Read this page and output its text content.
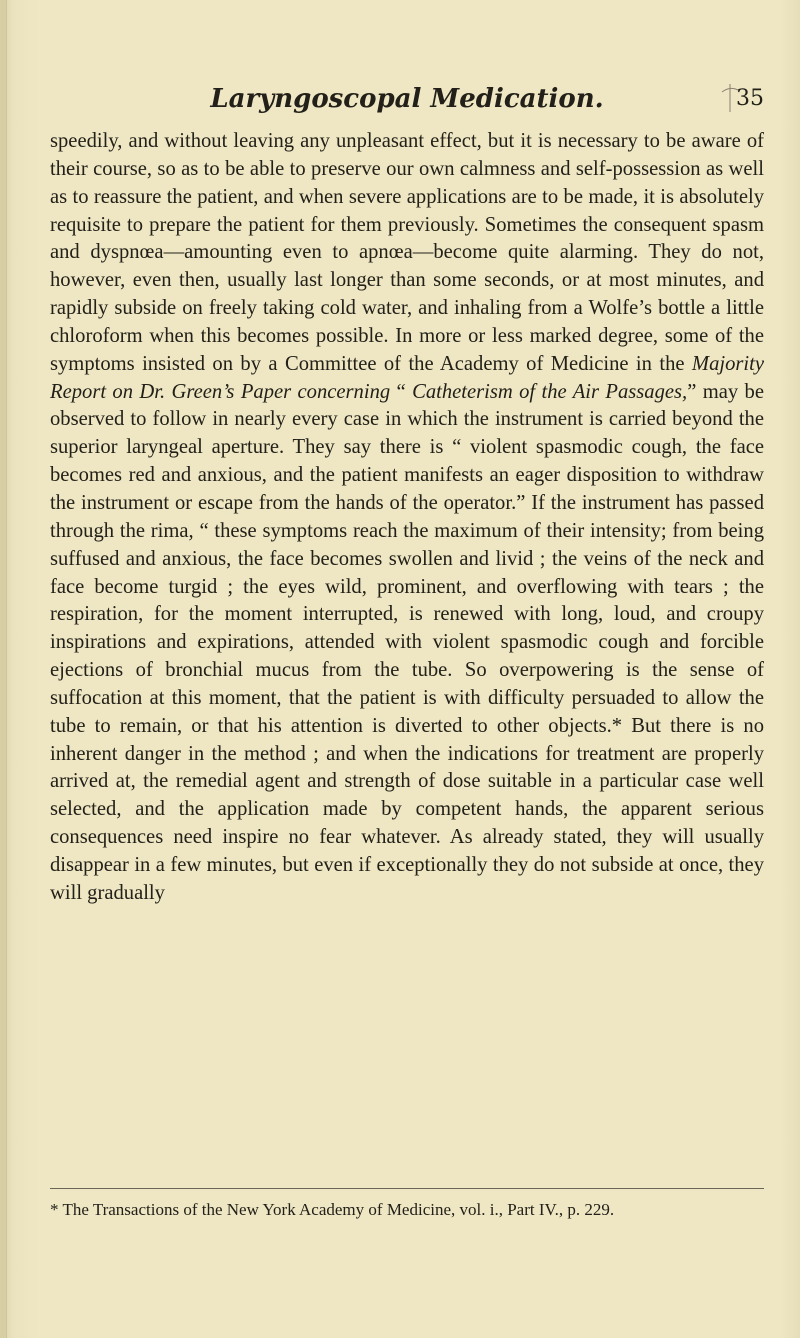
Laryngoscopal Medication.	35

speedily, and without leaving any unpleasant effect, but it is necessary to be aware of their course, so as to be able to preserve our own calmness and self-possession as well as to reassure the patient, and when severe applications are to be made, it is absolutely requisite to prepare the patient for them previously. Sometimes the consequent spasm and dyspnœa—amounting even to apnœa—become quite alarming. They do not, however, even then, usually last longer than some seconds, or at most minutes, and rapidly subside on freely taking cold water, and inhaling from a Wolfe’s bottle a little chloroform when this becomes possible. In more or less marked degree, some of the symptoms insisted on by a Committee of the Academy of Medicine in the Majority Report on Dr. Green’s Paper concerning “ Catheterism of the Air Passages,” may be observed to follow in nearly every case in which the instrument is carried beyond the superior laryngeal aperture. They say there is “ violent spasmodic cough, the face becomes red and anxious, and the patient manifests an eager disposition to withdraw the instrument or escape from the hands of the operator.” If the instrument has passed through the rima, “ these symptoms reach the maximum of their intensity; from being suffused and anxious, the face becomes swollen and livid ; the veins of the neck and face become turgid ; the eyes wild, prominent, and overflowing with tears ; the respiration, for the moment interrupted, is renewed with long, loud, and croupy inspirations and expirations, attended with violent spasmodic cough and forcible ejections of bronchial mucus from the tube. So overpowering is the sense of suffocation at this moment, that the patient is with difficulty persuaded to allow the tube to remain, or that his attention is diverted to other objects.* But there is no inherent danger in the method ; and when the indications for treatment are properly arrived at, the remedial agent and strength of dose suitable in a particular case well selected, and the application made by competent hands, the apparent serious consequences need inspire no fear whatever. As already stated, they will usually disappear in a few minutes, but even if exceptionally they do not subside at once, they will gradually

* The Transactions of the New York Academy of Medicine, vol. i., Part IV., p. 229.
